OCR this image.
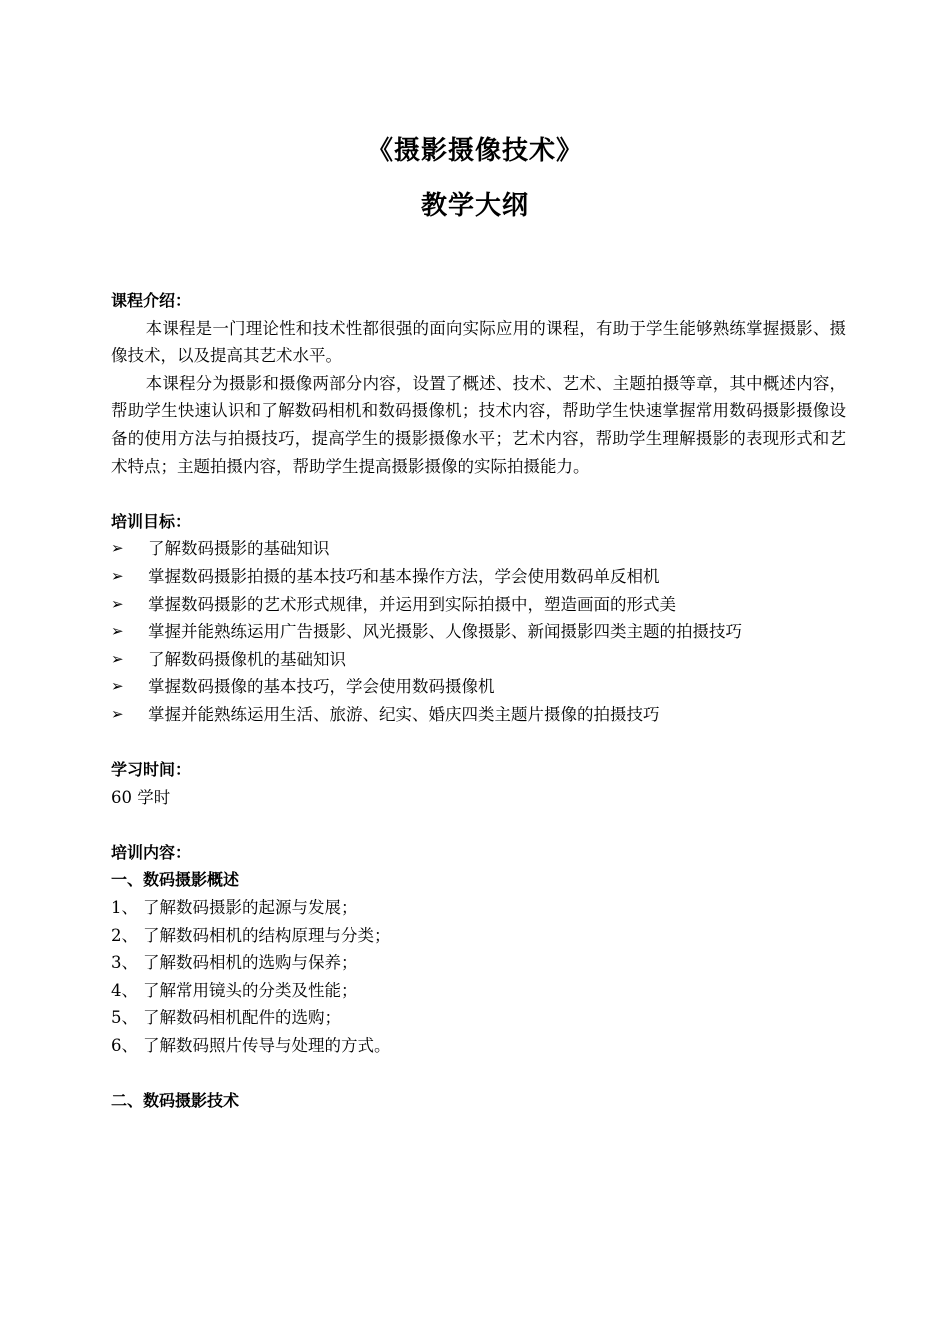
《摄影摄像技术》
教学大纲
课程介绍：

本课程是一门理论性和技术性都很强的面向实际应用的课程，有助于学生能够熟练掌握摄影、摄像技术，以及提高其艺术水平。

本课程分为摄影和摄像两部分内容，设置了概述、技术、艺术、主题拍摄等章，其中概述内容，帮助学生快速认识和了解数码相机和数码摄像机；技术内容，帮助学生快速掌握常用数码摄影摄像设备的使用方法与拍摄技巧，提高学生的摄影摄像水平；艺术内容，帮助学生理解摄影的表现形式和艺术特点；主题拍摄内容，帮助学生提高摄影摄像的实际拍摄能力。

培训目标：
➢	了解数码摄影的基础知识
➢	掌握数码摄影拍摄的基本技巧和基本操作方法，学会使用数码单反相机
➢	掌握数码摄影的艺术形式规律，并运用到实际拍摄中，塑造画面的形式美
➢	掌握并能熟练运用广告摄影、风光摄影、人像摄影、新闻摄影四类主题的拍摄技巧
➢	了解数码摄像机的基础知识
➢	掌握数码摄像的基本技巧，学会使用数码摄像机
➢	掌握并能熟练运用生活、旅游、纪实、婚庆四类主题片摄像的拍摄技巧
学习时间：
60 学时
培训内容：
一、数码摄影概述
1、 了解数码摄影的起源与发展；
2、 了解数码相机的结构原理与分类；
3、 了解数码相机的选购与保养；
4、 了解常用镜头的分类及性能；
5、 了解数码相机配件的选购；
6、 了解数码照片传导与处理的方式。
二、数码摄影技术
